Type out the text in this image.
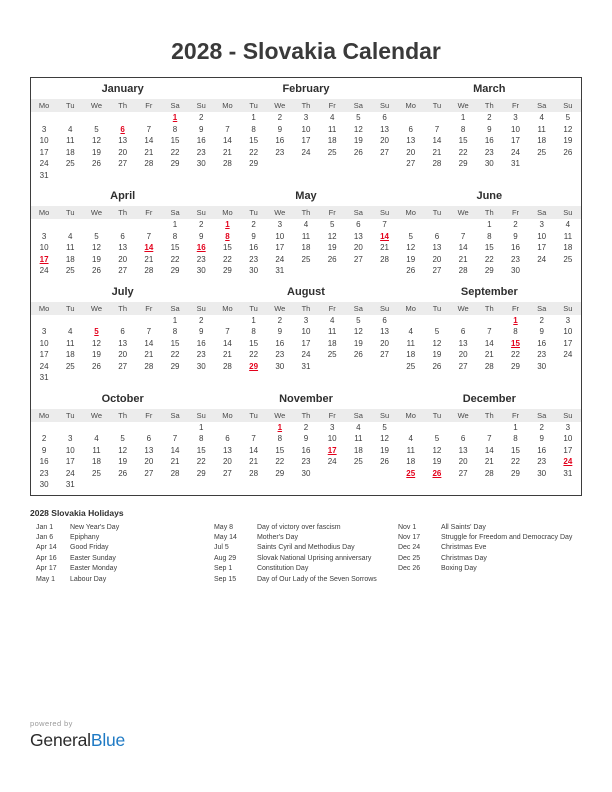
2028 - Slovakia Calendar
January
Mo	Tu	We	Th	Fr	Sa	Su
					1	2
3	4	5	6	7	8	9
10	11	12	13	14	15	16
17	18	19	20	21	22	23
24	25	26	27	28	29	30
31						
February
Mo	Tu	We	Th	Fr	Sa	Su
	1	2	3	4	5	6
7	8	9	10	11	12	13
14	15	16	17	18	19	20
21	22	23	24	25	26	27
28	29					
March
Mo	Tu	We	Th	Fr	Sa	Su
		1	2	3	4	5
6	7	8	9	10	11	12
13	14	15	16	17	18	19
20	21	22	23	24	25	26
27	28	29	30	31		
April
Mo	Tu	We	Th	Fr	Sa	Su
					1	2
3	4	5	6	7	8	9
10	11	12	13	14	15	16
17	18	19	20	21	22	23
24	25	26	27	28	29	30
May
Mo	Tu	We	Th	Fr	Sa	Su
1	2	3	4	5	6	7
8	9	10	11	12	13	14
15	16	17	18	19	20	21
22	23	24	25	26	27	28
29	30	31				
June
Mo	Tu	We	Th	Fr	Sa	Su
			1	2	3	4
5	6	7	8	9	10	11
12	13	14	15	16	17	18
19	20	21	22	23	24	25
26	27	28	29	30		
July
Mo	Tu	We	Th	Fr	Sa	Su
					1	2
3	4	5	6	7	8	9
10	11	12	13	14	15	16
17	18	19	20	21	22	23
24	25	26	27	28	29	30
31						
August
Mo	Tu	We	Th	Fr	Sa	Su
	1	2	3	4	5	6
7	8	9	10	11	12	13
14	15	16	17	18	19	20
21	22	23	24	25	26	27
28	29	30	31			
September
Mo	Tu	We	Th	Fr	Sa	Su
				1	2	3
4	5	6	7	8	9	10
11	12	13	14	15	16	17
18	19	20	21	22	23	24
25	26	27	28	29	30	
October
Mo	Tu	We	Th	Fr	Sa	Su
						1
2	3	4	5	6	7	8
9	10	11	12	13	14	15
16	17	18	19	20	21	22
23	24	25	26	27	28	29
30	31					
November
Mo	Tu	We	Th	Fr	Sa	Su
		1	2	3	4	5
6	7	8	9	10	11	12
13	14	15	16	17	18	19
20	21	22	23	24	25	26
27	28	29	30			
December
Mo	Tu	We	Th	Fr	Sa	Su
				1	2	3
4	5	6	7	8	9	10
11	12	13	14	15	16	17
18	19	20	21	22	23	24
25	26	27	28	29	30	31
2028 Slovakia Holidays
Jan 1	New Year's Day
Jan 6	Epiphany
Apr 14	Good Friday
Apr 16	Easter Sunday
Apr 17	Easter Monday
May 1	Labour Day
May 8	Day of victory over fascism
May 14	Mother's Day
Jul 5	Saints Cyril and Methodius Day
Aug 29	Slovak National Uprising anniversary
Sep 1	Constitution Day
Sep 15	Day of Our Lady of the Seven Sorrows
Nov 1	All Saints' Day
Nov 17	Struggle for Freedom and Democracy Day
Dec 24	Christmas Eve
Dec 25	Christmas Day
Dec 26	Boxing Day
powered by
GeneralBlue
